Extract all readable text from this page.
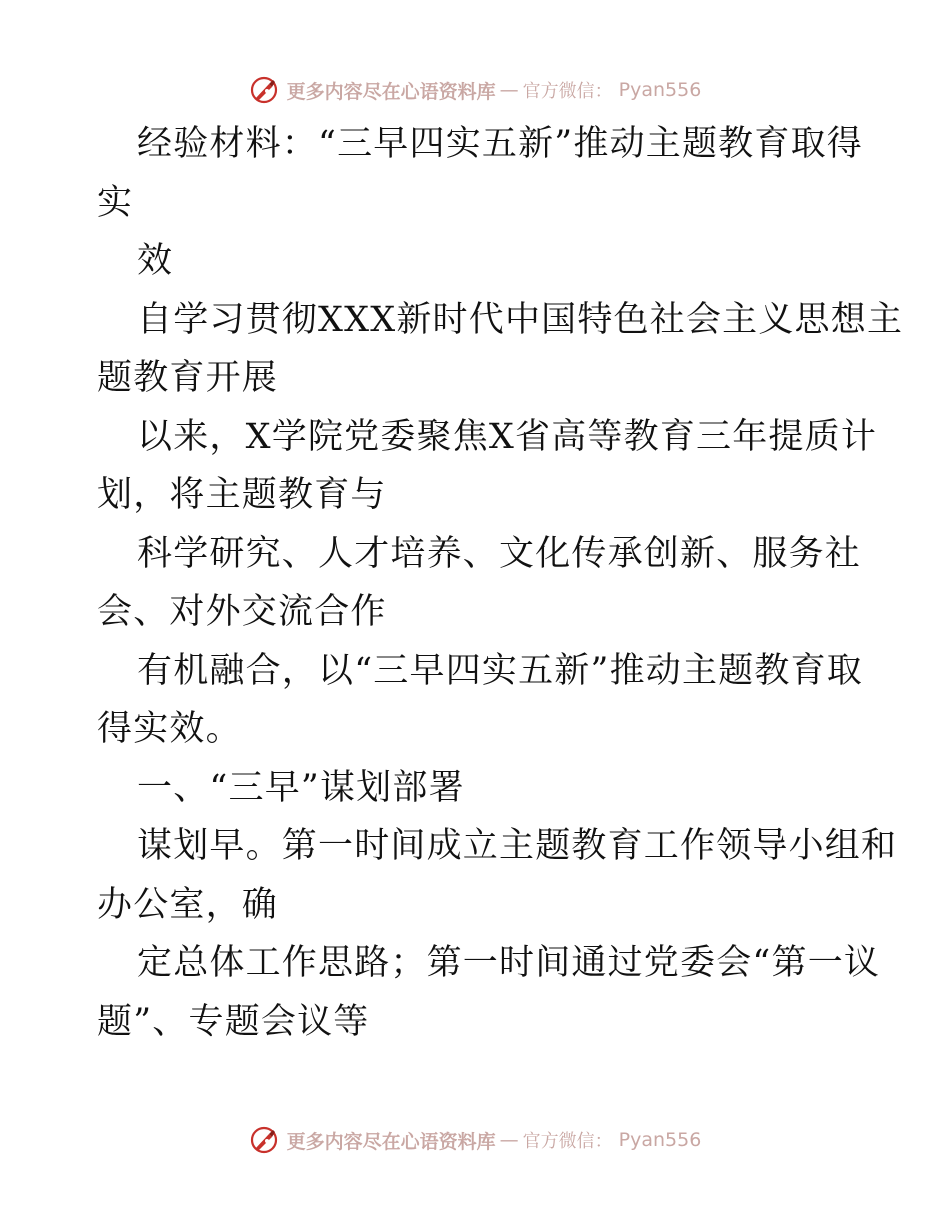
更多内容尽在心语资料库 — 官方微信： Pyan556
经验材料：“三早四实五新”推动主题教育取得
实
效
自学习贯彻XXX新时代中国特色社会主义思想主
题教育开展
以来，X学院党委聚焦X省高等教育三年提质计
划，将主题教育与
科学研究、人才培养、文化传承创新、服务社
会、对外交流合作
有机融合，以“三早四实五新”推动主题教育取
得实效。
一、“三早”谋划部署
谋划早。第一时间成立主题教育工作领导小组和
办公室，确
定总体工作思路；第一时间通过党委会“第一议
题”、专题会议等
更多内容尽在心语资料库 — 官方微信： Pyan556
